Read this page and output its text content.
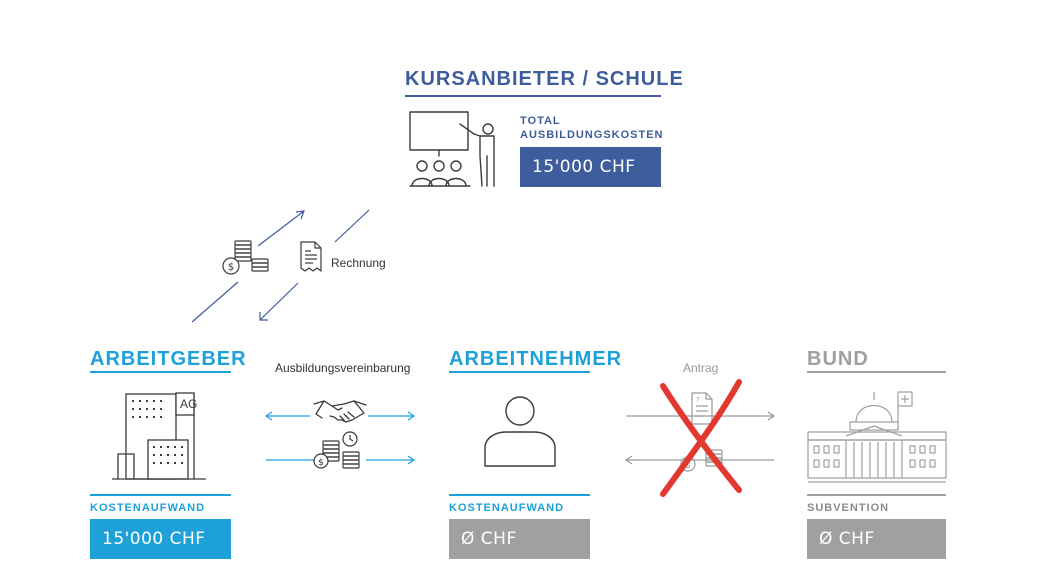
KURSANBIETER / SCHULE
TOTAL
AUSBILDUNGSKOSTEN
15'000 CHF
$	Rechnung
ARBEITGEBER
AG
KOSTENAUFWAND
15'000 CHF
Ausbildungsvereinbarung
$
ARBEITNEHMER
KOSTENAUFWAND
Ø CHF
Antrag
?
$
BUND
SUBVENTION
Ø CHF
